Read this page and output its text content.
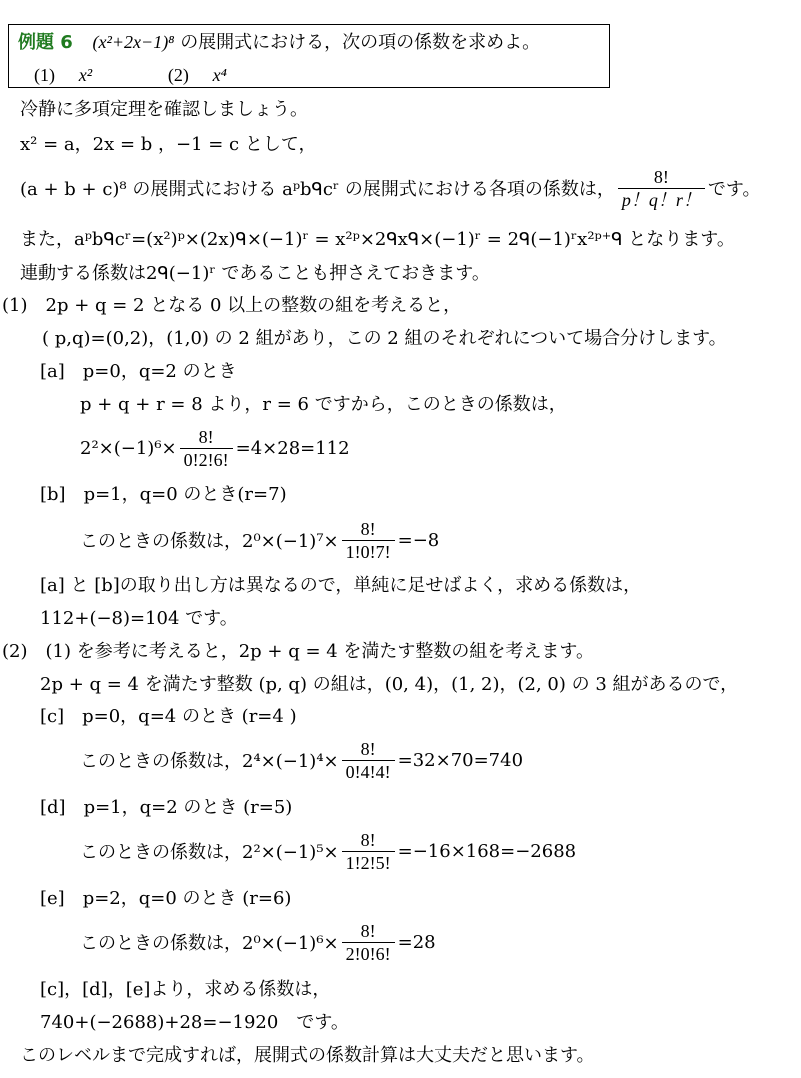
例題 6 (x²+2x−1)⁸ の展開式における，次の項の係数を求めよ。
(1) x²	(2) x⁴
冷静に多項定理を確認しましょう。
x² = a，2x = b ，−1 = c として，
(a + b + c)⁸ の展開式における aᵖbᑫcʳ の展開式における各項の係数は， $\frac{8!}{p!q!r!}$ です。
また，aᵖbᑫcʳ=(x²)ᵖ×(2x)ᑫ×(−1)ʳ = x²ᵖ×2ᑫxᑫ×(−1)ʳ = 2ᑫ(−1)ʳx²ᵖ⁺ᑫ となります。
連動する係数は2ᑫ(−1)ʳ であることも押さえておきます。
(1)　2p + q = 2 となる 0 以上の整数の組を考えると，
( p,q)=(0,2)，(1,0) の 2 組があり，この 2 組のそれぞれについて場合分けします。
[a]　p=0，q=2 のとき
p + q + r = 8 より，r = 6 ですから，このときの係数は，
$2^2\times(-1)^6\times \frac{8!}{0!2!6!} =4\times 28=112$
[b]　p=1，q=0 のとき(r=7)
このときの係数は，$2^0\times(-1)^7\times \frac{8!}{1!0!7!} =-8$
[a] と [b]の取り出し方は異なるので，単純に足せばよく，求める係数は，
112+(−8)=104 です。
(2)　(1) を参考に考えると，2p + q = 4 を満たす整数の組を考えます。
2p + q = 4 を満たす整数 (p, q) の組は，(0, 4)，(1, 2)，(2, 0) の 3 組があるので，
[c]　p=0，q=4 のとき (r=4 )
このときの係数は，$2^4\times(-1)^4\times \frac{8!}{0!4!4!} =32\times 70=740$
[d]　p=1，q=2 のとき (r=5)
このときの係数は，$2^2\times(-1)^5\times \frac{8!}{1!2!5!} =-16\times 168=-2688$
[e]　p=2，q=0 のとき (r=6)
このときの係数は，$2^0\times(-1)^6\times \frac{8!}{2!0!6!} =28$
[c]，[d]，[e]より，求める係数は，
740+(−2688)+28=−1920　です。
このレベルまで完成すれば，展開式の係数計算は大丈夫だと思います。
